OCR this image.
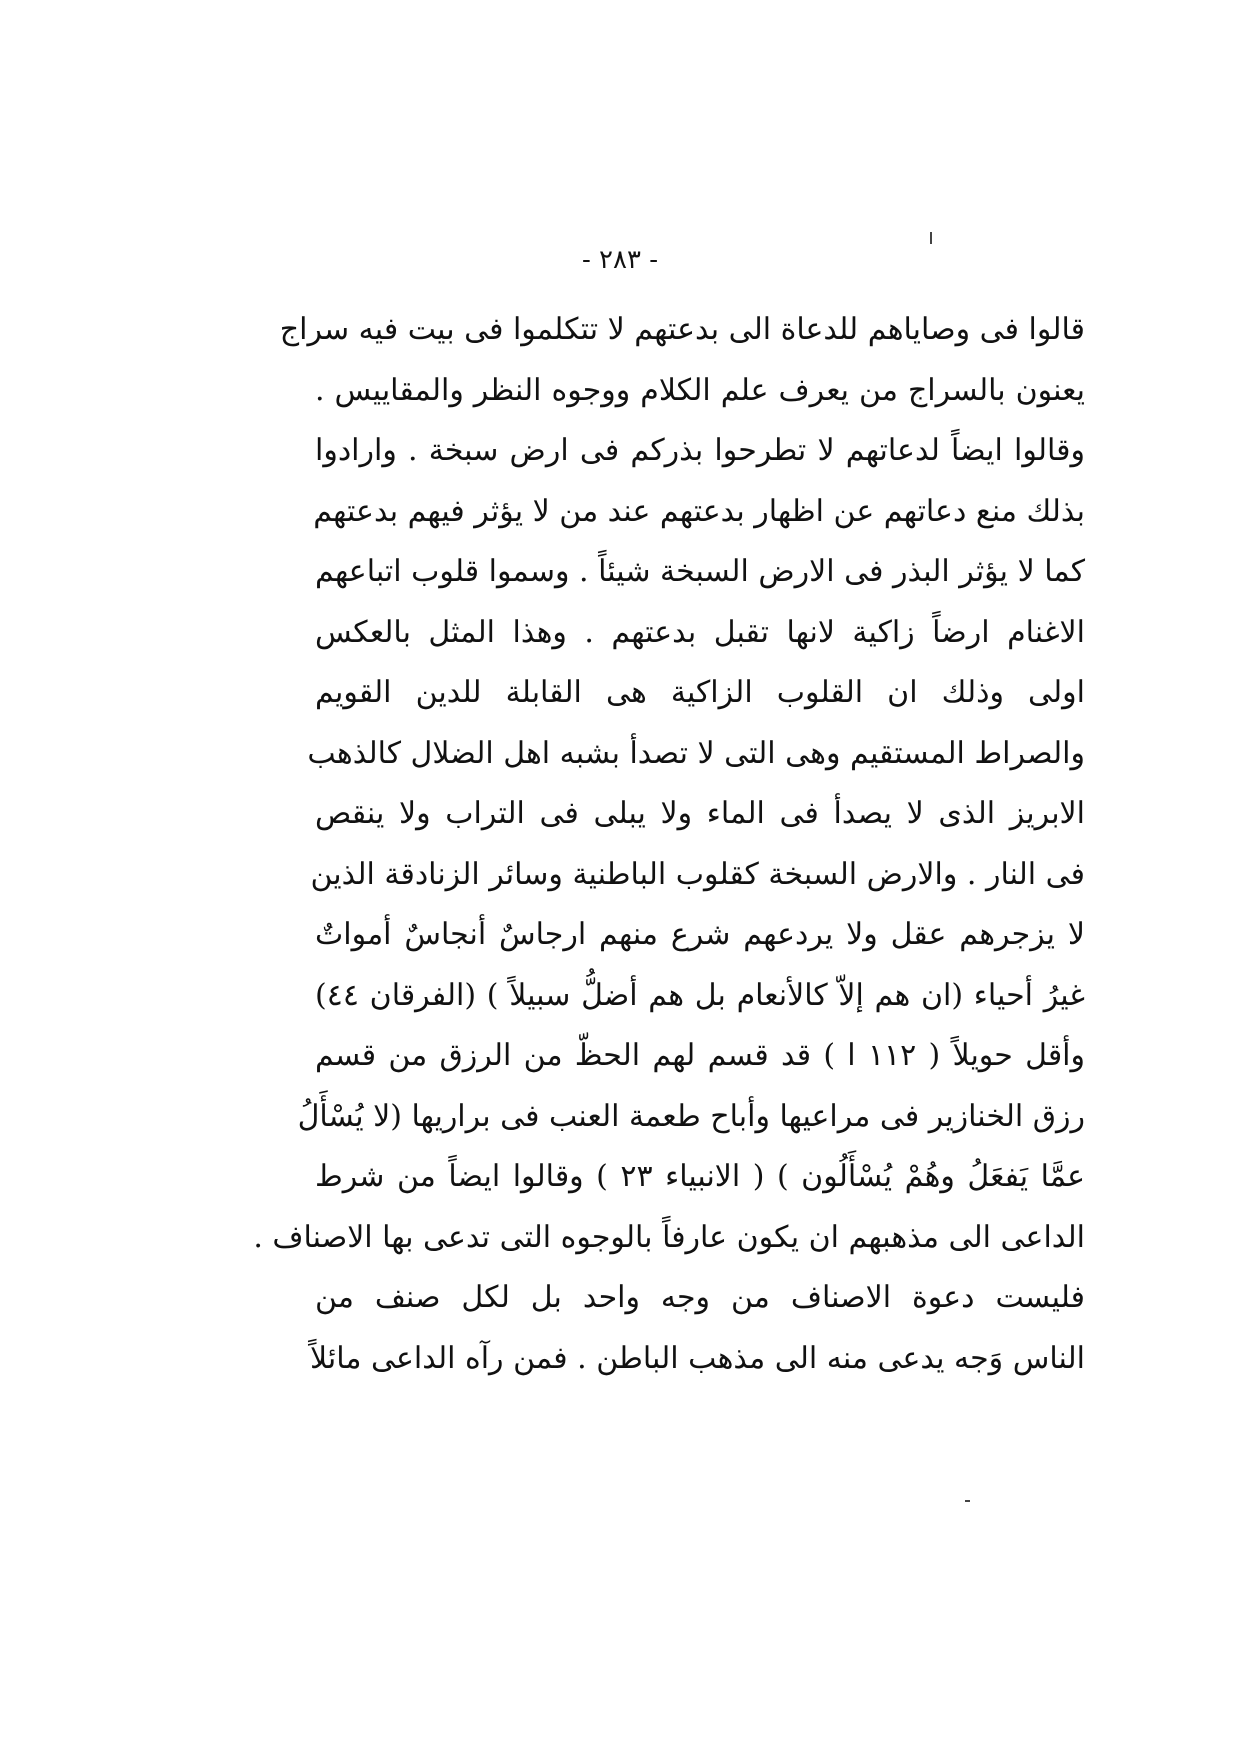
- ٢٨٣ -
قالوا فى وصاياهم للدعاة الى بدعتهم لا تتكلموا فى بيت فيه سراج
يعنون بالسراج من يعرف علم الكلام ووجوه النظر والمقاييس .
وقالوا ايضاً لدعاتهم لا تطرحوا بذركم فى ارض سبخة . وارادوا
بذلك منع دعاتهم عن اظهار بدعتهم عند من لا يؤثر فيهم بدعتهم
كما لا يؤثر البذر فى الارض السبخة شيئاً . وسموا قلوب اتباعهم
الاغنام ارضاً زاكية لانها تقبل بدعتهم . وهذا المثل بالعكس
اولى وذلك ان القلوب الزاكية هى القابلة للدين القويم
والصراط المستقيم وهى التى لا تصدأ بشبه اهل الضلال كالذهب
الابريز الذى لا يصدأ فى الماء ولا يبلى فى التراب ولا ينقص
فى النار . والارض السبخة كقلوب الباطنية وسائر الزنادقة الذين
لا يزجرهم عقل ولا يردعهم شرع منهم ارجاسٌ أنجاسٌ أمواتٌ
غيرُ أحياء (ان هم إلاّ كالأنعام بل هم أضلُّ سبيلاً ) (الفرقان ٤٤)
وأقل حويلاً ( ١١٢ ا ) قد قسم لهم الحظّ من الرزق من قسم
رزق الخنازير فى مراعيها وأباح طعمة العنب فى براريها (لا يُسْأَلُ
عمَّا يَفعَلُ وهُمْ يُسْأَلُون ) ( الانبياء ٢٣ ) وقالوا ايضاً من شرط
الداعى الى مذهبهم ان يكون عارفاً بالوجوه التى تدعى بها الاصناف .
فليست دعوة الاصناف من وجه واحد بل لكل صنف من
الناس وَجه يدعى منه الى مذهب الباطن . فمن رآه الداعى مائلاً
